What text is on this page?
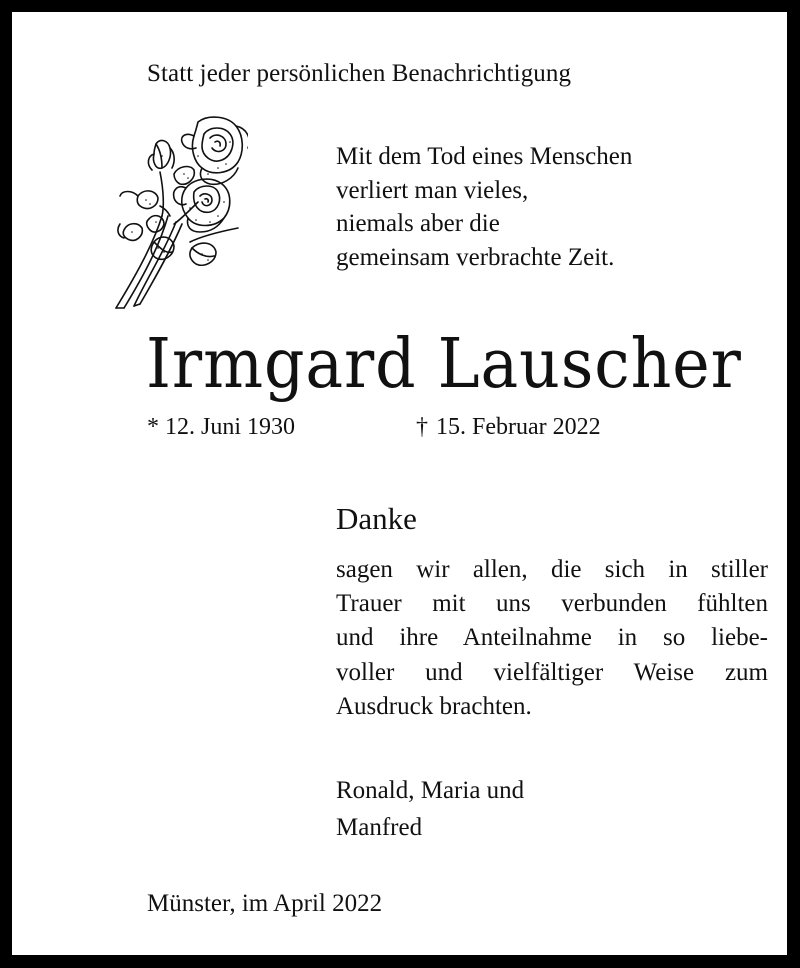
Statt jeder persönlichen Benachrichtigung
Mit dem Tod eines Menschen
verliert man vieles,
niemals aber die
gemeinsam verbrachte Zeit.
Irmgard Lauscher
* 12. Juni 1930	† 15. Februar 2022
Danke
sagen wir allen, die sich in stiller
Trauer mit uns verbunden fühlten
und ihre Anteilnahme in so liebe-
voller und vielfältiger Weise zum
Ausdruck brachten.
Ronald, Maria und
Manfred
Münster, im April 2022
